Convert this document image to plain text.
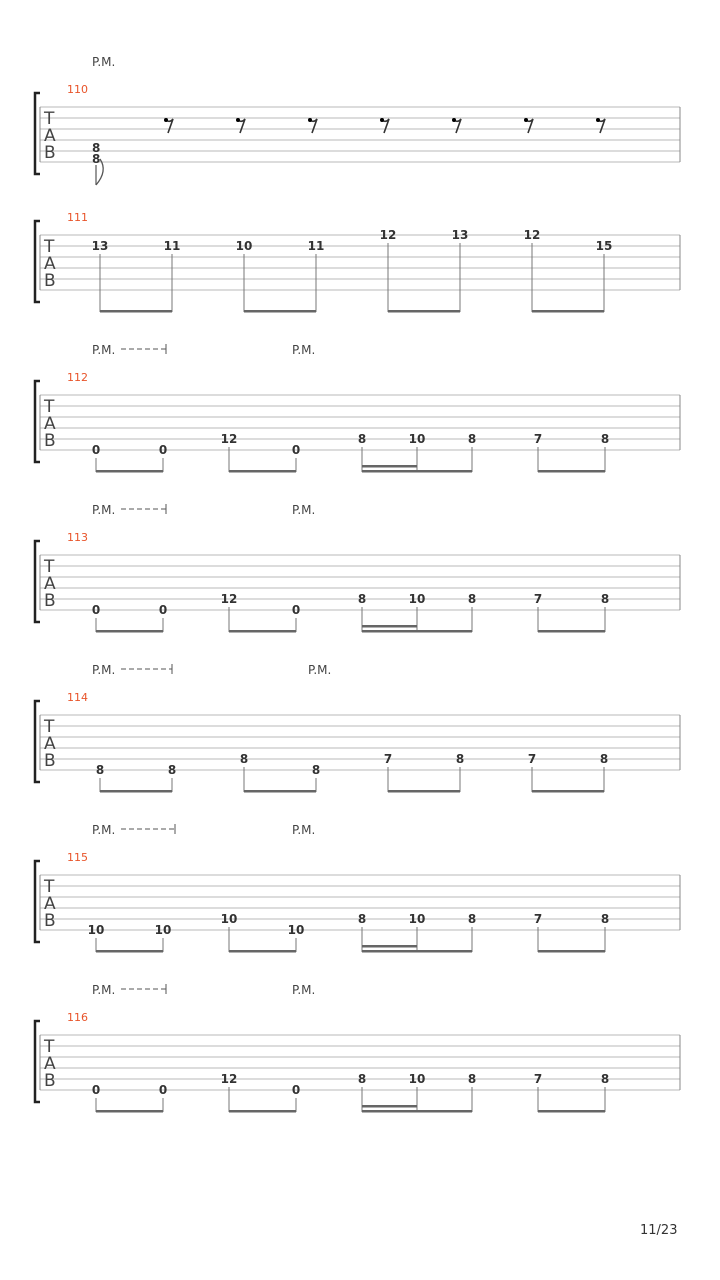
P.M.
110
T
A
B	8
8
111
T
A
B
13	11	10	11
12	13	12
15
P.M.	P.M.
112
T
A
B	0	0
12
0
8	10	8	7	8
P.M.	P.M.
113
T
A
B	0	0
12
0
8	10	8	7	8
P.M.	P.M.
114
T
A
B	8	8
8
8
7	8	7	8
P.M.	P.M.
115
T
A
B	10	10
10
10
8	10	8	7	8
P.M.	P.M.
116
T
A
B	0	0
12
0
8	10	8	7	8
11/23
